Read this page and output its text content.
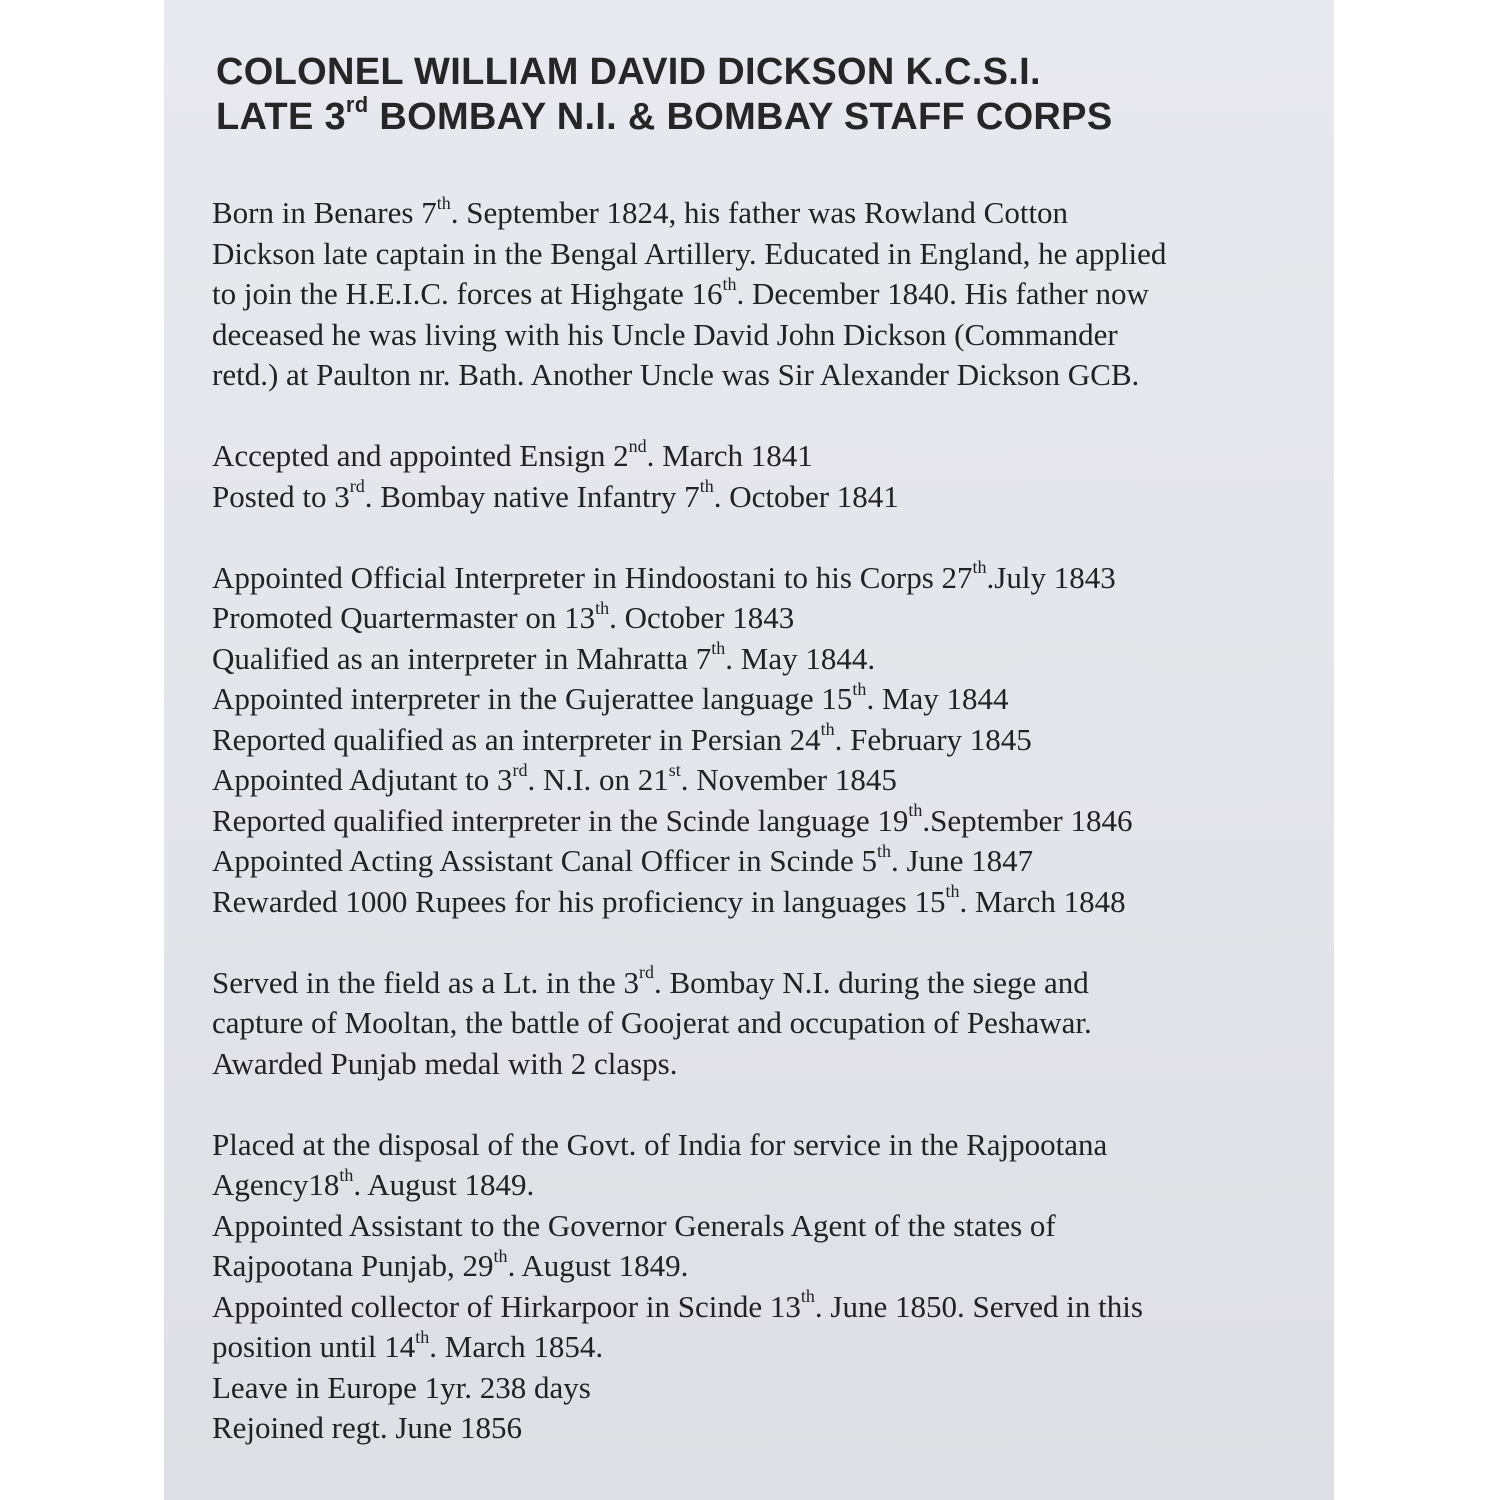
COLONEL WILLIAM DAVID DICKSON K.C.S.I.
LATE 3rd BOMBAY N.I. & BOMBAY STAFF CORPS

Born in Benares 7th. September 1824, his father was Rowland Cotton

Dickson late captain in the Bengal Artillery. Educated in England, he applied

to join the H.E.I.C. forces at Highgate 16th. December 1840. His father now

deceased he was living with his Uncle David John Dickson (Commander

retd.) at Paulton nr. Bath. Another Uncle was Sir Alexander Dickson GCB.

Accepted and appointed Ensign 2nd. March 1841

Posted to 3rd. Bombay native Infantry 7th. October 1841

Appointed Official Interpreter in Hindoostani to his Corps 27th.July 1843

Promoted Quartermaster on 13th. October 1843

Qualified as an interpreter in Mahratta 7th. May 1844.

Appointed interpreter in the Gujerattee language 15th. May 1844

Reported qualified as an interpreter in Persian 24th. February 1845

Appointed Adjutant to 3rd. N.I. on 21st. November 1845

Reported qualified interpreter in the Scinde language 19th.September 1846

Appointed Acting Assistant Canal Officer in Scinde 5th. June 1847

Rewarded 1000 Rupees for his proficiency in languages 15th. March 1848

Served in the field as a Lt. in the 3rd. Bombay N.I. during the siege and

capture of Mooltan, the battle of Goojerat and occupation of Peshawar.

Awarded Punjab medal with 2 clasps.

Placed at the disposal of the Govt. of India for service in the Rajpootana

Agency18th. August 1849.

Appointed Assistant to the Governor Generals Agent of the states of

Rajpootana Punjab, 29th. August 1849.

Appointed collector of Hirkarpoor in Scinde 13th. June 1850. Served in this

position until 14th. March 1854.

Leave in Europe 1yr. 238 days

Rejoined regt. June 1856
